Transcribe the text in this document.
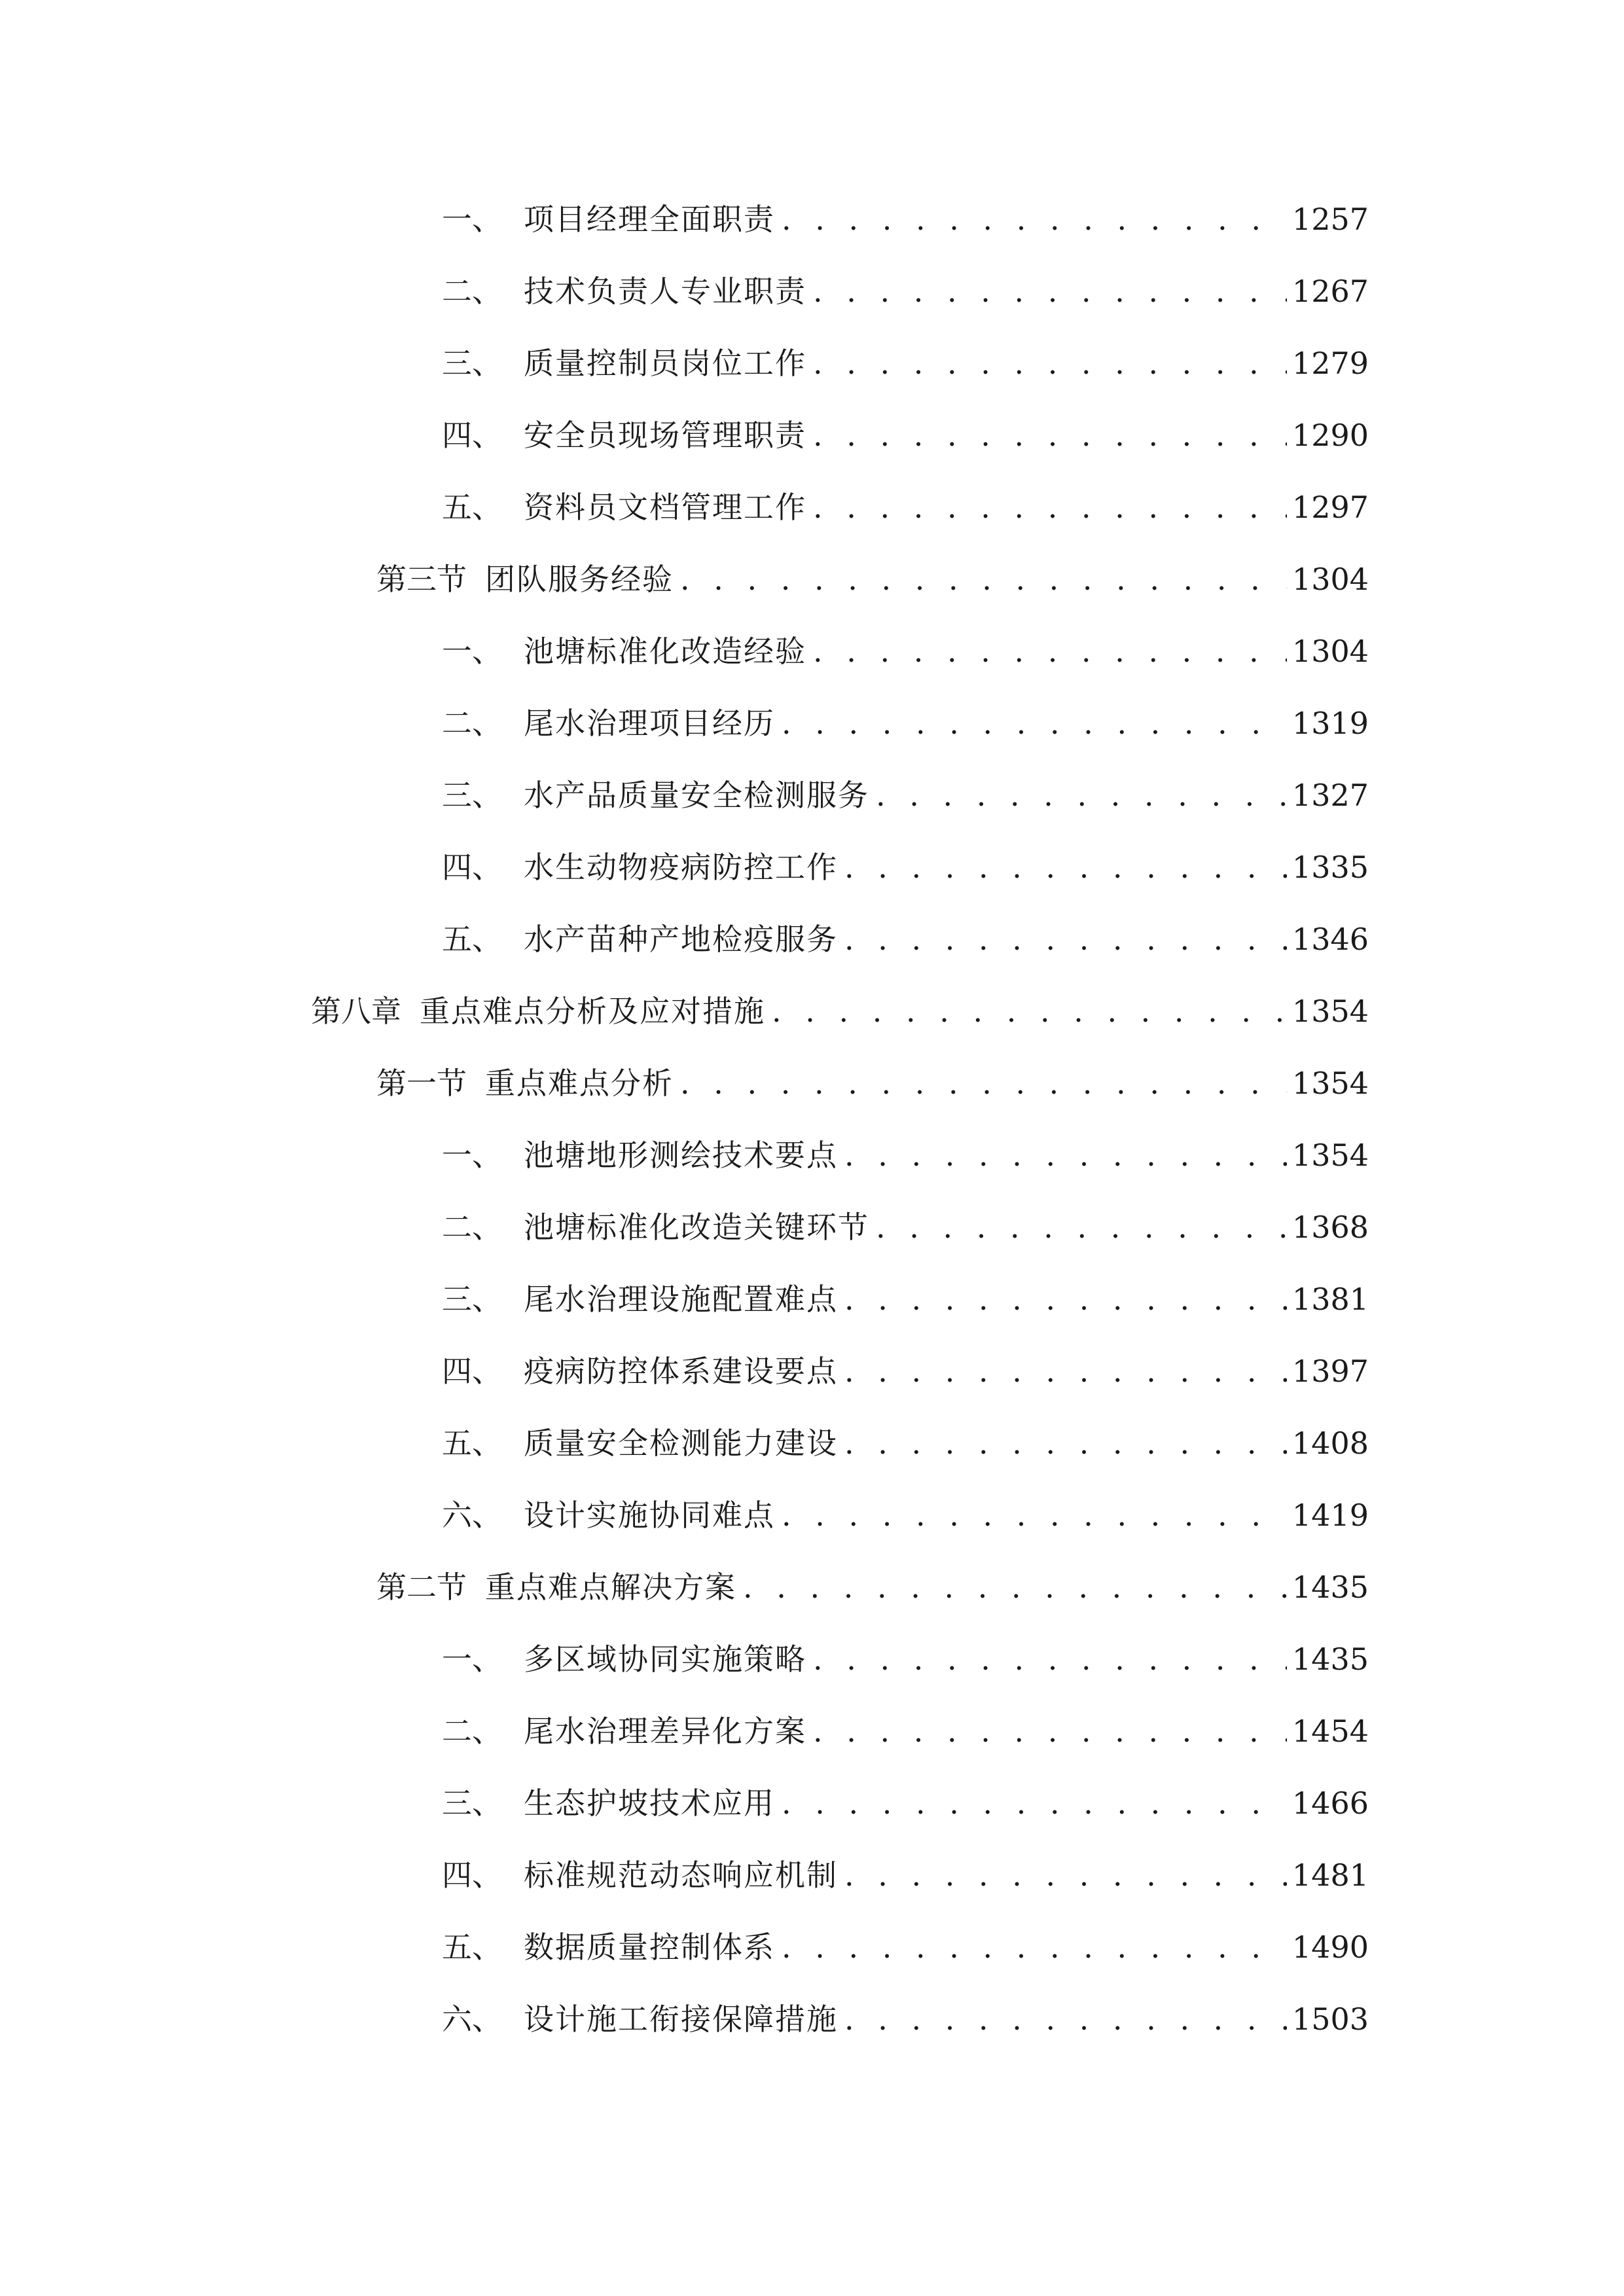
一、 项目经理全面职责 . . .	1257
二、 技术负责人专业职责 . . .	1267
三、 质量控制员岗位工作 . . .	1279
四、 安全员现场管理职责 . . .	1290
五、 资料员文档管理工作 . . .	1297
第三节 团队服务经验 . . .	1304
一、 池塘标准化改造经验 . . .	1304
二、 尾水治理项目经历 . . .	1319
三、 水产品质量安全检测服务 . . .	1327
四、 水生动物疫病防控工作 . . .	1335
五、 水产苗种产地检疫服务 . . .	1346
第八章 重点难点分析及应对措施 . . .	1354
第一节 重点难点分析 . . .	1354
一、 池塘地形测绘技术要点 . . .	1354
二、 池塘标准化改造关键环节 . . .	1368
三、 尾水治理设施配置难点 . . .	1381
四、 疫病防控体系建设要点 . . .	1397
五、 质量安全检测能力建设 . . .	1408
六、 设计实施协同难点 . . .	1419
第二节 重点难点解决方案 . . .	1435
一、 多区域协同实施策略 . . .	1435
二、 尾水治理差异化方案 . . .	1454
三、 生态护坡技术应用 . . .	1466
四、 标准规范动态响应机制 . . .	1481
五、 数据质量控制体系 . . .	1490
六、 设计施工衔接保障措施 . . .	1503
